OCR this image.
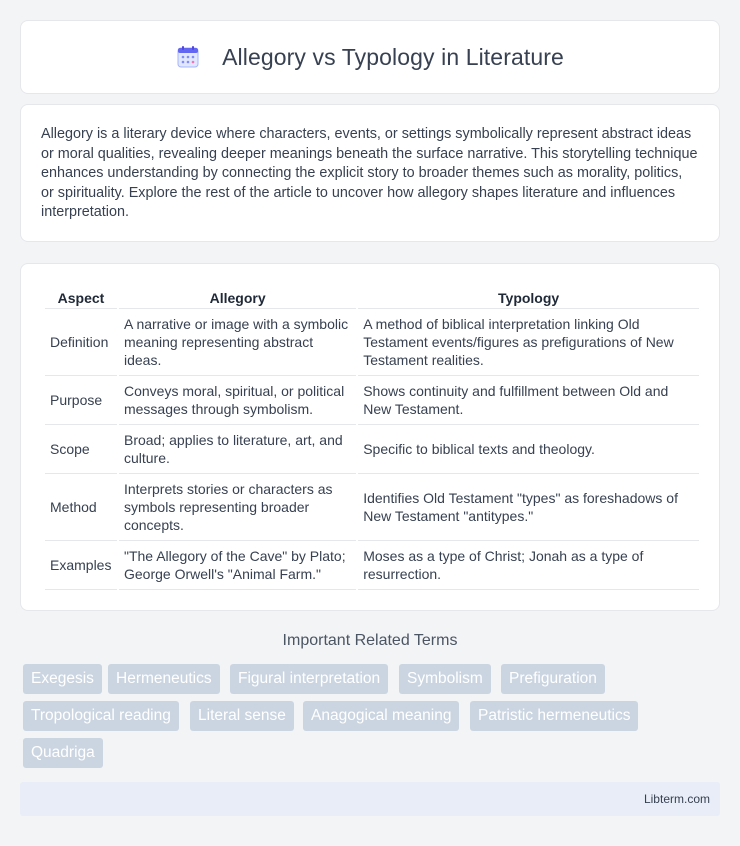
Allegory vs Typology in Literature

Allegory is a literary device where characters, events, or settings symbolically represent abstract ideas or moral qualities, revealing deeper meanings beneath the surface narrative. This storytelling technique enhances understanding by connecting the explicit story to broader themes such as morality, politics, or spirituality. Explore the rest of the article to uncover how allegory shapes literature and influences interpretation.

Aspect	Allegory	Typology
Definition	A narrative or image with a symbolic meaning representing abstract ideas.	A method of biblical interpretation linking Old Testament events/figures as prefigurations of New Testament realities.
Purpose	Conveys moral, spiritual, or political messages through symbolism.	Shows continuity and fulfillment between Old and New Testament.
Scope	Broad; applies to literature, art, and culture.	Specific to biblical texts and theology.
Method	Interprets stories or characters as symbols representing broader concepts.	Identifies Old Testament "types" as foreshadows of New Testament "antitypes."
Examples	"The Allegory of the Cave" by Plato; George Orwell's "Animal Farm."	Moses as a type of Christ; Jonah as a type of resurrection.
Important Related Terms
Exegesis	Hermeneutics	Figural interpretation	Symbolism	Prefiguration
Tropological reading	Literal sense	Anagogical meaning	Patristic hermeneutics
Quadriga
Libterm.com
